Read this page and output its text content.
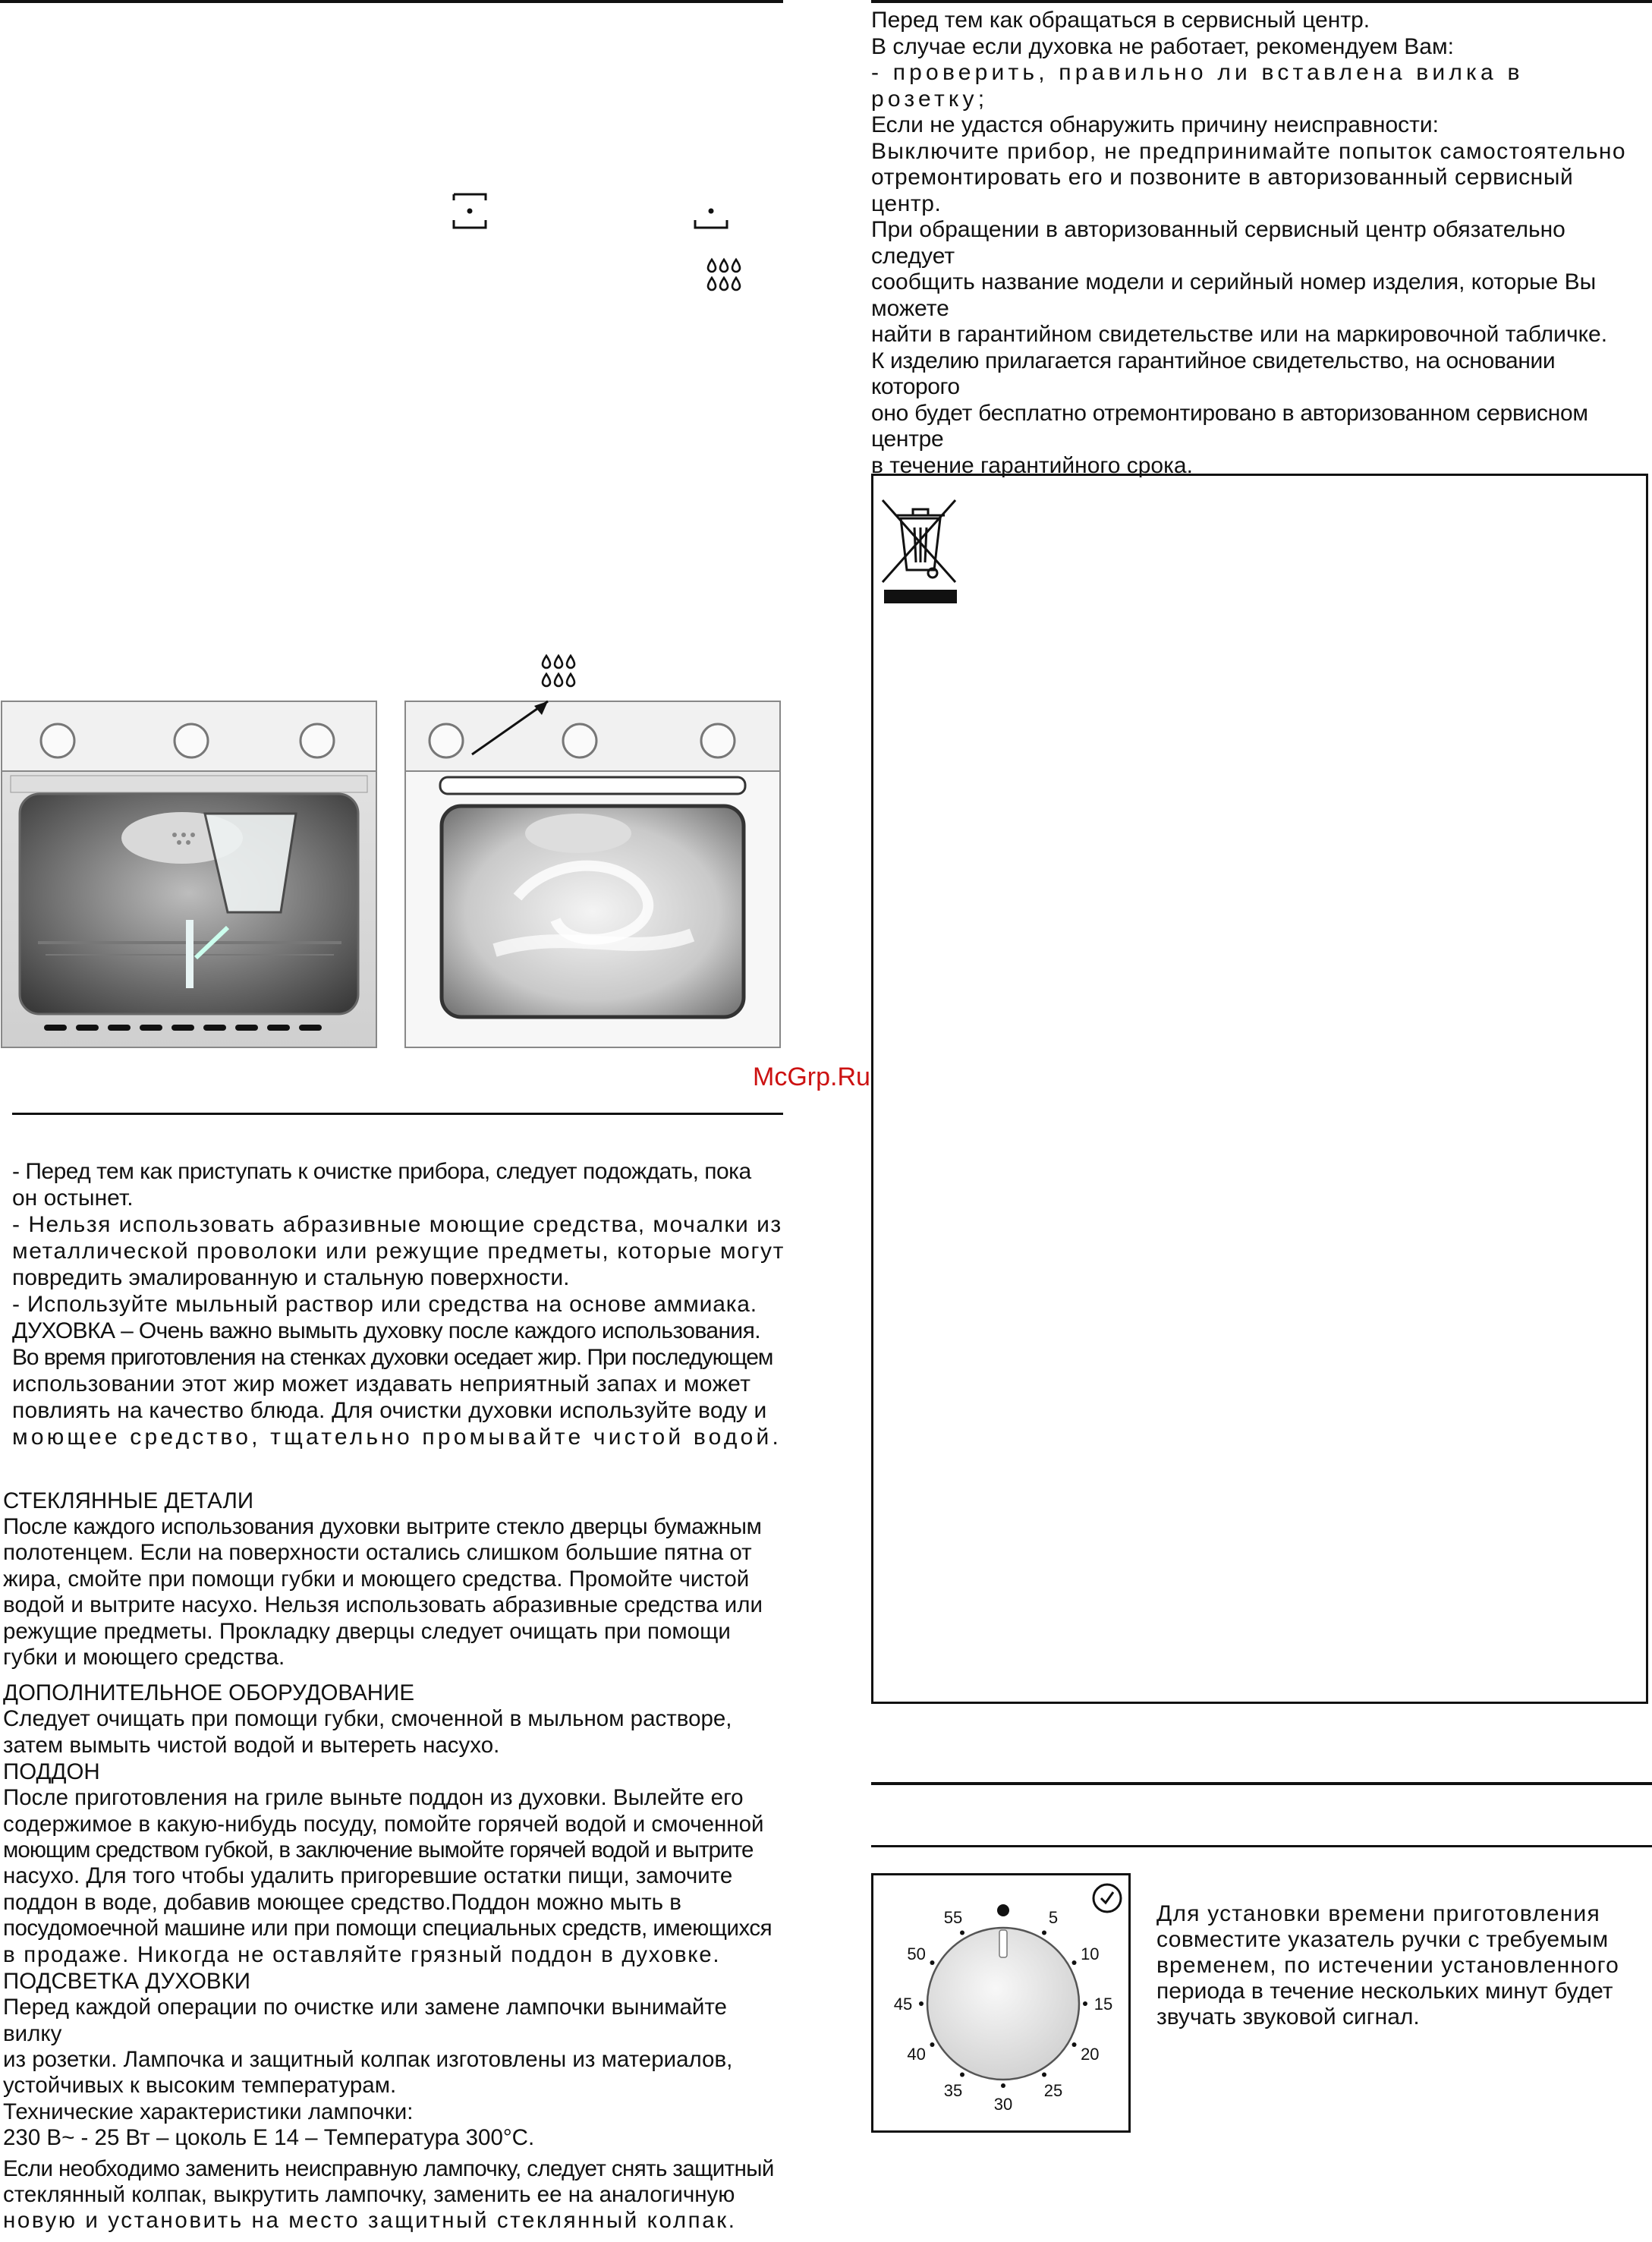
Перед тем как обращаться в сервисный центр.

В случае если духовка не работает, рекомендуем Вам:

- проверить, правильно ли вставлена вилка в розетку;

Если не удастся обнаружить причину неисправности:

Выключите прибор, не предпринимайте попыток самостоятельно

отремонтировать его и позвоните в авторизованный сервисный центр.

При обращении в авторизованный сервисный центр обязательно следует

сообщить название модели и серийный номер изделия, которые Вы можете

найти в гарантийном свидетельстве или на маркировочной табличке.

К изделию прилагается гарантийное свидетельство, на основании которого

оно будет бесплатно отремонтировано в авторизованном сервисном центре

в течение гарантийного срока.

McGrp.Ru

- Перед тем как приступать к очистке прибора, следует подождать, пока

он остынет.

- Нельзя использовать абразивные моющие средства, мочалки из

металлической проволоки или режущие предметы, которые могут

повредить эмалированную и стальную поверхности.

- Используйте мыльный раствор или средства на основе аммиака.

ДУХОВКА – Очень важно вымыть духовку после каждого использования.

Во время приготовления на стенках духовки оседает жир. При последующем

использовании этот жир может издавать неприятный запах и может

повлиять на качество блюда. Для очистки духовки используйте воду и

моющее средство, тщательно промывайте чистой водой.

СТЕКЛЯННЫЕ ДЕТАЛИ

После каждого использования духовки вытрите стекло дверцы бумажным

полотенцем. Если на поверхности остались слишком большие пятна от

жира, смойте при помощи губки и моющего средства. Промойте чистой

водой и вытрите насухо. Нельзя использовать абразивные средства или

режущие предметы. Прокладку дверцы следует очищать при помощи

губки и моющего средства.

ДОПОЛНИТЕЛЬНОЕ ОБОРУДОВАНИЕ

Следует очищать при помощи губки, смоченной в мыльном растворе,

затем вымыть чистой водой и вытереть насухо.

ПОДДОН

После приготовления на гриле выньте поддон из духовки. Вылейте его

содержимое в какую-нибудь посуду, помойте горячей водой и смоченной

моющим средством губкой, в заключение вымойте горячей водой и вытрите

насухо. Для того чтобы удалить пригоревшие остатки пищи, замочите

поддон в воде, добавив моющее средство.Поддон можно мыть в

посудомоечной машине или при помощи специальных средств, имеющихся

в продаже. Никогда не оставляйте грязный поддон в духовке.

ПОДСВЕТКА ДУХОВКИ

Перед каждой операции по очистке или замене лампочки вынимайте вилку

из розетки. Лампочка и защитный колпак изготовлены из материалов,

устойчивых к высоким температурам.

Технические характеристики лампочки:

230 В~ - 25 Вт – цоколь Е 14 – Температура 300°С.

Если необходимо заменить неисправную лампочку, следует снять защитный

стеклянный колпак, выкрутить лампочку, заменить ее на аналогичную

новую и установить на место защитный стеклянный колпак.

5
10
15
20
25
30
35
40
45
50
55	Для установки времени приготовления

совместите указатель ручки с требуемым

временем, по истечении установленного

периода в течение нескольких минут будет

звучать звуковой сигнал.
